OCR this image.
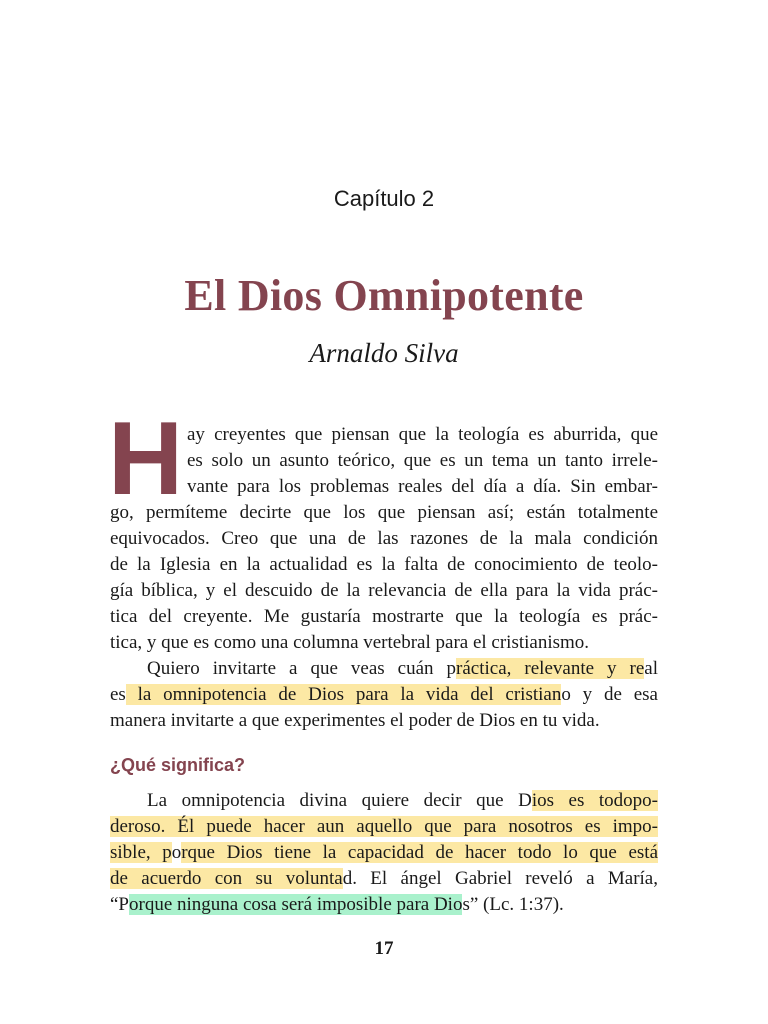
Capítulo 2
El Dios Omnipotente
Arnaldo Silva
H ay creyentes que piensan que la teología es aburrida, que
es solo un asunto teórico, que es un tema un tanto irrele-
vante para los problemas reales del día a día. Sin embar-
go, permíteme decirte que los que piensan así; están totalmente
equivocados. Creo que una de las razones de la mala condición
de la Iglesia en la actualidad es la falta de conocimiento de teolo-
gía bíblica, y el descuido de la relevancia de ella para la vida prác-
tica del creyente. Me gustaría mostrarte que la teología es prác-
tica, y que es como una columna vertebral para el cristianismo.
Quiero invitarte a que veas cuán práctica, relevante y real
es la omnipotencia de Dios para la vida del cristiano y de esa
manera invitarte a que experimentes el poder de Dios en tu vida.
¿Qué significa?
La omnipotencia divina quiere decir que Dios es todopo-
deroso. Él puede hacer aun aquello que para nosotros es impo-
sible, porque Dios tiene la capacidad de hacer todo lo que está
de acuerdo con su voluntad. El ángel Gabriel reveló a María,
“Porque ninguna cosa será imposible para Dios” (Lc. 1:37).
17
